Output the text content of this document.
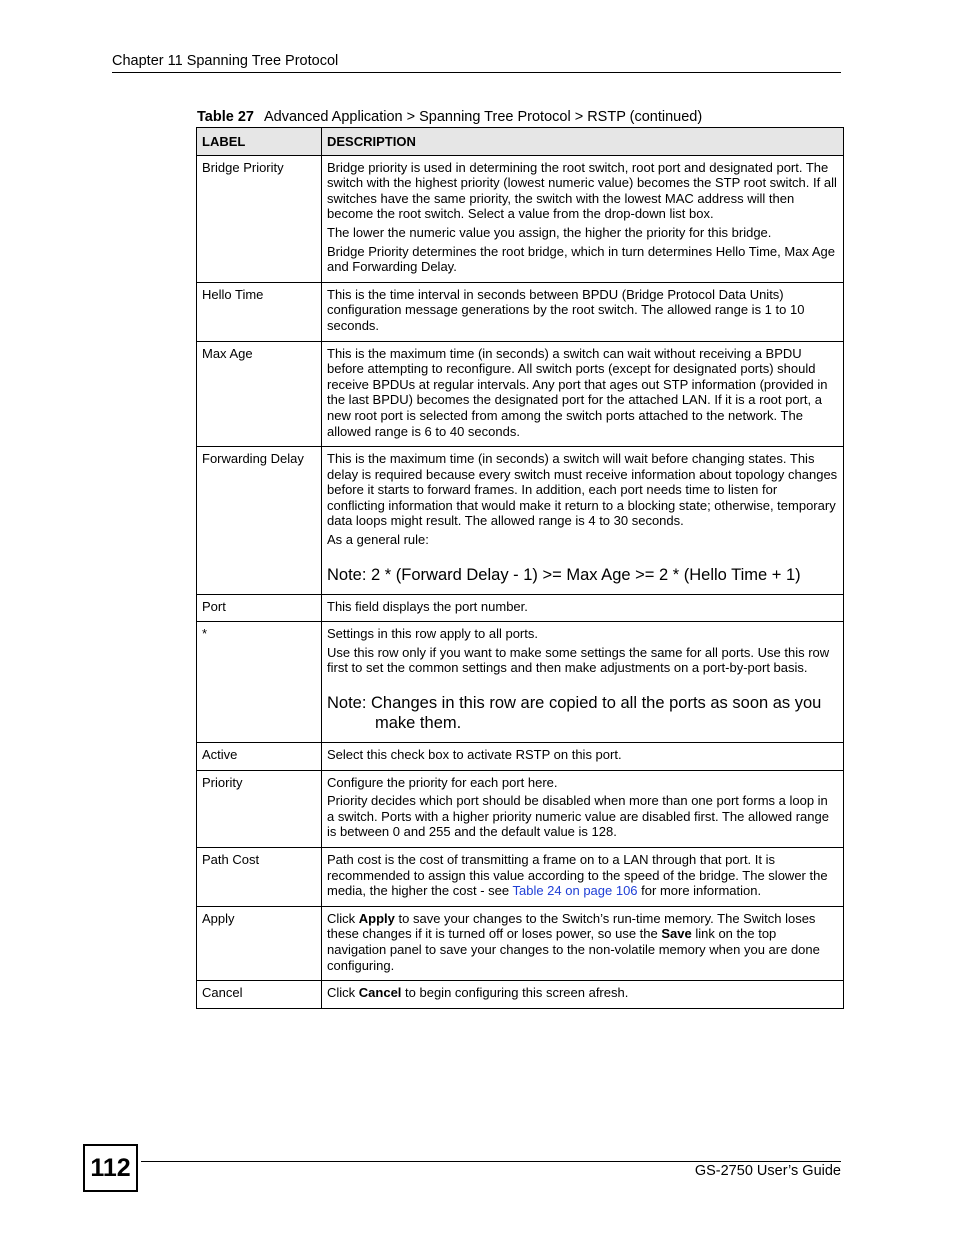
Chapter 11 Spanning Tree Protocol
Table 27 Advanced Application > Spanning Tree Protocol > RSTP (continued)
LABEL	DESCRIPTION
Bridge Priority	Bridge priority is used in determining the root switch, root port and designated port. The switch with the highest priority (lowest numeric value) becomes the STP root switch. If all switches have the same priority, the switch with the lowest MAC address will then become the root switch. Select a value from the drop-down list box.

The lower the numeric value you assign, the higher the priority for this bridge.

Bridge Priority determines the root bridge, which in turn determines Hello Time, Max Age and Forwarding Delay.

Hello Time	This is the time interval in seconds between BPDU (Bridge Protocol Data Units) configuration message generations by the root switch. The allowed range is 1 to 10 seconds.

Max Age	This is the maximum time (in seconds) a switch can wait without receiving a BPDU before attempting to reconfigure. All switch ports (except for designated ports) should receive BPDUs at regular intervals. Any port that ages out STP information (provided in the last BPDU) becomes the designated port for the attached LAN. If it is a root port, a new root port is selected from among the switch ports attached to the network. The allowed range is 6 to 40 seconds.

Forwarding Delay	This is the maximum time (in seconds) a switch will wait before changing states. This delay is required because every switch must receive information about topology changes before it starts to forward frames. In addition, each port needs time to listen for conflicting information that would make it return to a blocking state; otherwise, temporary data loops might result. The allowed range is 4 to 30 seconds.

As a general rule:

Note: 2 * (Forward Delay - 1) >= Max Age >= 2 * (Hello Time + 1)

Port	This field displays the port number.

*	Settings in this row apply to all ports.

Use this row only if you want to make some settings the same for all ports. Use this row first to set the common settings and then make adjustments on a port-by-port basis.

Note: Changes in this row are copied to all the ports as soon as you make them.

Active	Select this check box to activate RSTP on this port.

Priority	Configure the priority for each port here.

Priority decides which port should be disabled when more than one port forms a loop in a switch. Ports with a higher priority numeric value are disabled first. The allowed range is between 0 and 255 and the default value is 128.

Path Cost	Path cost is the cost of transmitting a frame on to a LAN through that port. It is recommended to assign this value according to the speed of the bridge. The slower the media, the higher the cost - see Table 24 on page 106 for more information.

Apply	Click Apply to save your changes to the Switch’s run-time memory. The Switch loses these changes if it is turned off or loses power, so use the Save link on the top navigation panel to save your changes to the non-volatile memory when you are done configuring.

Cancel	Click Cancel to begin configuring this screen afresh.

112	GS-2750 User’s Guide
